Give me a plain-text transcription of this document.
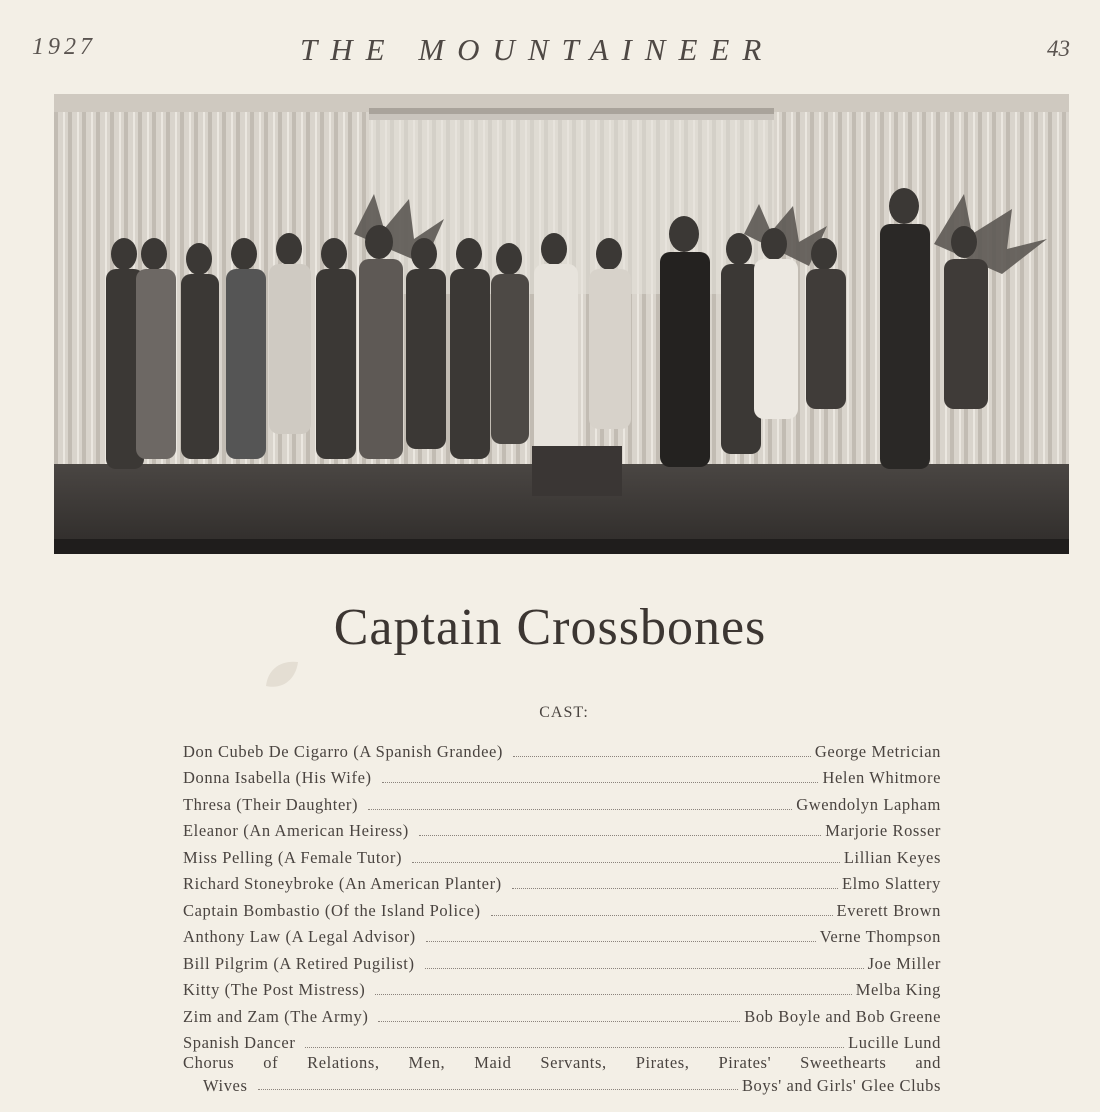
1927	THE MOUNTAINEER	43
Captain Crossbones
CAST:
Don Cubeb De Cigarro (A Spanish Grandee)	George Metrician
Donna Isabella (His Wife)	Helen Whitmore
Thresa (Their Daughter)	Gwendolyn Lapham
Eleanor (An American Heiress)	Marjorie Rosser
Miss Pelling (A Female Tutor)	Lillian Keyes
Richard Stoneybroke (An American Planter)	Elmo Slattery
Captain Bombastio (Of the Island Police)	Everett Brown
Anthony Law (A Legal Advisor)	Verne Thompson
Bill Pilgrim (A Retired Pugilist)	Joe Miller
Kitty (The Post Mistress)	Melba King
Zim and Zam (The Army)	Bob Boyle and Bob Greene
Spanish Dancer	Lucille Lund
Chorus of Relations, Men, Maid Servants, Pirates, Pirates' Sweethearts and
Wives	Boys' and Girls' Glee Clubs
